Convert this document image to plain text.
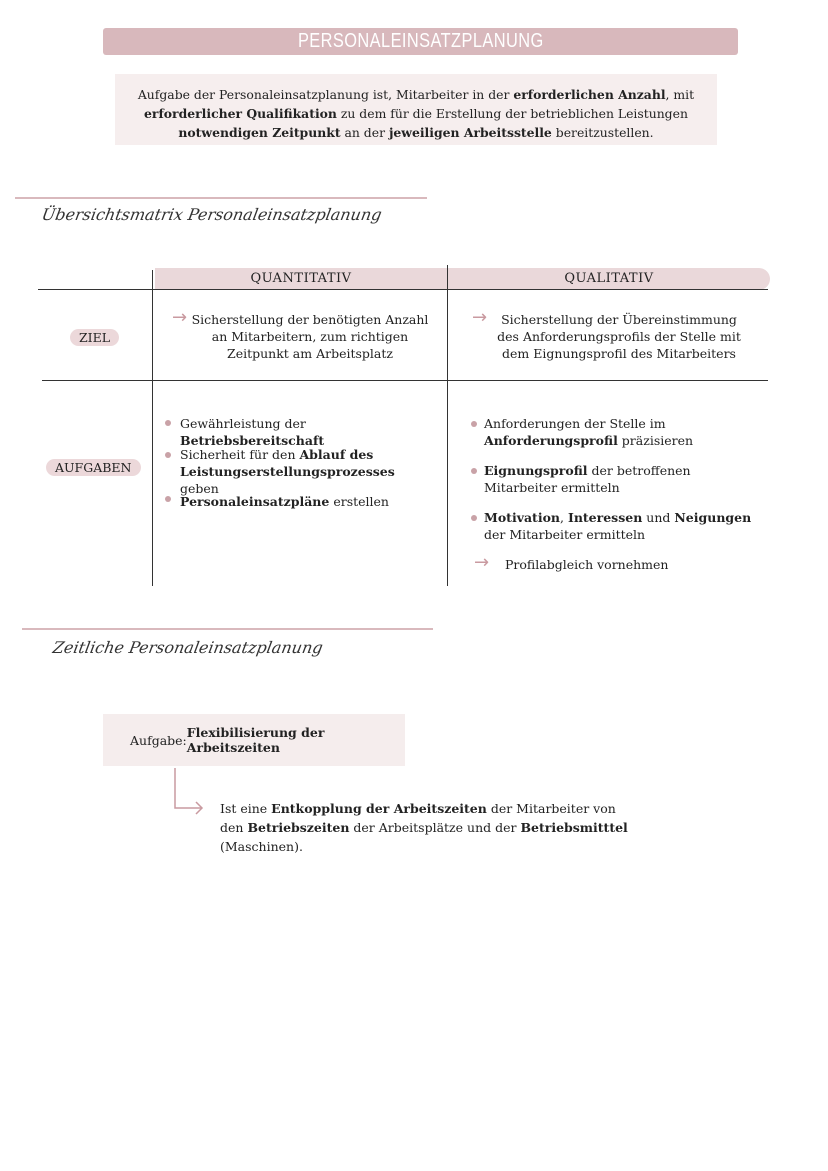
PERSONALEINSATZPLANUNG
Aufgabe der Personaleinsatzplanung ist, Mitarbeiter in der erforderlichen Anzahl, mit erforderlicher Qualifikation zu dem für die Erstellung der betrieblichen Leistungen notwendigen Zeitpunkt an der jeweiligen Arbeitsstelle bereitzustellen.
Übersichtsmatrix Personaleinsatzplanung
QUANTITATIV	QUALITATIV
ZIEL
AUFGABEN
→ Sicherstellung der benötigten Anzahl an Mitarbeitern, zum richtigen Zeitpunkt am Arbeitsplatz
→	Sicherstellung der Übereinstimmung des Anforderungsprofils der Stelle mit dem Eignungsprofil des Mitarbeiters
Gewährleistung der Betriebsbereitschaft
Sicherheit für den Ablauf des Leistungserstellungsprozesses geben
Personaleinsatzpläne erstellen
Anforderungen der Stelle im Anforderungsprofil präzisieren
Eignungsprofil der betroffenen Mitarbeiter ermitteln
Motivation, Interessen und Neigungen der Mitarbeiter ermitteln
→ Profilabgleich vornehmen
Zeitliche Personaleinsatzplanung
Aufgabe: Flexibilisierung der Arbeitszeiten
Ist eine Entkopplung der Arbeitszeiten der Mitarbeiter von den Betriebszeiten der Arbeitsplätze und der Betriebsmitttel (Maschinen).
